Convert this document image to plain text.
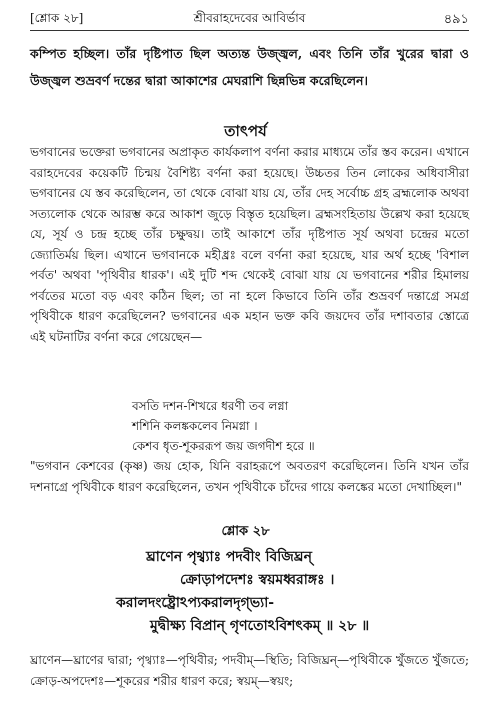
[শ্লোক ২৮]	শ্রীবরাহদেবের আবির্ভাব	৪৯১
কম্পিত হচ্ছিল। তাঁর দৃষ্টিপাত ছিল অত্যন্ত উজ্জ্বল, এবং তিনি তাঁর খুরের দ্বারা ও উজ্জ্বল শুভ্রবর্ণ দন্তের দ্বারা আকাশের মেঘরাশি ছিন্নভিন্ন করেছিলেন।
তাৎপর্য
ভগবানের ভক্তেরা ভগবানের অপ্রাকৃত কার্যকলাপ বর্ণনা করার মাধ্যমে তাঁর স্তব করেন। এখানে বরাহদেবের কয়েকটি চিন্ময় বৈশিষ্ট্য বর্ণনা করা হয়েছে। উচ্চতর তিন লোকের অধিবাসীরা ভগবানের যে স্তব করেছিলেন, তা থেকে বোঝা যায় যে, তাঁর দেহ সর্বোচ্চ গ্রহ ব্রহ্মলোক অথবা সত্যলোক থেকে আরম্ভ করে আকাশ জুড়ে বিস্তৃত হয়েছিল। ব্রহ্মসংহিতায় উল্লেখ করা হয়েছে যে, সূর্য ও চন্দ্র হচ্ছে তাঁর চক্ষুদ্বয়। তাই আকাশে তাঁর দৃষ্টিপাত সূর্য অথবা চন্দ্রের মতো জ্যোতির্ময় ছিল। এখানে ভগবানকে মহীধ্রঃ বলে বর্ণনা করা হয়েছে, যার অর্থ হচ্ছে 'বিশাল পর্বত' অথবা 'পৃথিবীর ধারক'। এই দুটি শব্দ থেকেই বোঝা যায় যে ভগবানের শরীর হিমালয় পর্বতের মতো বড় এবং কঠিন ছিল; তা না হলে কিভাবে তিনি তাঁর শুভ্রবর্ণ দন্তাগ্রে সমগ্র পৃথিবীকে ধারণ করেছিলেন? ভগবানের এক মহান ভক্ত কবি জয়দেব তাঁর দশাবতার স্তোত্রে এই ঘটনাটির বর্ণনা করে গেয়েছেন—
বসতি দশন-শিখরে ধরণী তব লগ্না
শশিনি কলঙ্ককলেব নিমগ্না ।
কেশব ধৃত-শূকররূপ জয় জগদীশ হরে ॥
"ভগবান কেশবের (কৃষ্ণ) জয় হোক, যিনি বরাহরূপে অবতরণ করেছিলেন। তিনি যখন তাঁর দশনাগ্রে পৃথিবীকে ধারণ করেছিলেন, তখন পৃথিবীকে চাঁদের গায়ে কলঙ্কের মতো দেখাচ্ছিল।"
শ্লোক ২৮
ঘ্রাণেন পৃথ্ব্যাঃ পদবীং বিজিঘ্রন্
ক্রোড়াপদেশঃ স্বয়মধ্বরাঙ্গঃ ।
করালদংষ্ট্রোঽপ্যকরালদৃগ্ভ্যা-
মুদ্বীক্ষ্য বিপ্রান্ গৃণতোঽবিশৎকম্ ॥ ২৮ ॥
ঘ্রাণেন—ঘ্রাণের দ্বারা; পৃথ্ব্যাঃ—পৃথিবীর; পদবীম্—স্থিতি; বিজিঘ্রন্—পৃথিবীকে খুঁজতে খুঁজতে; ক্রোড়-অপদেশঃ—শূকরের শরীর ধারণ করে; স্বয়ম্—স্বয়ং;
